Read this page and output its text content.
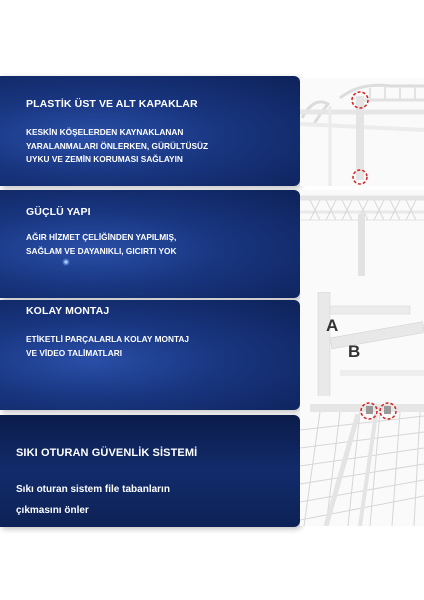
PLASTİK ÜST VE ALT KAPAKLAR
KESKİN KÖŞELERDEN KAYNAKLANAN
YARALANMALARI ÖNLERKEN, GÜRÜLTÜSÜZ
UYKU VE ZEMİN KORUMASI SAĞLAYIN
GÜÇLÜ YAPI
AĞIR HİZMET ÇELİĞİNDEN YAPILMIŞ,
SAĞLAM VE DAYANIKLI, GICIRTI YOK
KOLAY MONTAJ
ETİKETLİ PARÇALARLA KOLAY MONTAJ
VE VİDEO TALİMATLARI
SIKI OTURAN GÜVENLİK SİSTEMİ
Sıkı oturan sistem file tabanların
çıkmasını önler
A
B
